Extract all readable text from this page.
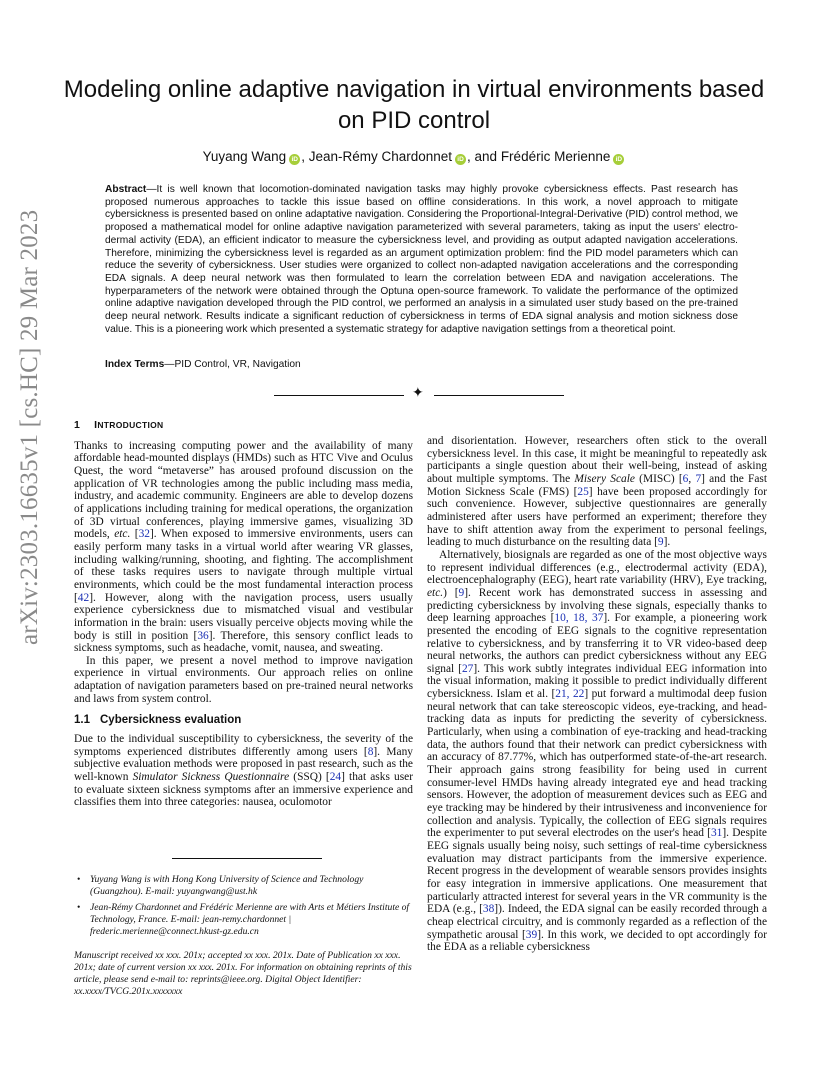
arXiv:2303.16635v1 [cs.HC] 29 Mar 2023
Modeling online adaptive navigation in virtual environments based on PID control
Yuyang Wang iD , Jean-Rémy Chardonnet iD , and Frédéric Merienne iD
Abstract—It is well known that locomotion-dominated navigation tasks may highly provoke cybersickness effects. Past research has proposed numerous approaches to tackle this issue based on offline considerations. In this work, a novel approach to mitigate cybersickness is presented based on online adaptative navigation. Considering the Proportional-Integral-Derivative (PID) control method, we proposed a mathematical model for online adaptive navigation parameterized with several parameters, taking as input the users' electro-dermal activity (EDA), an efficient indicator to measure the cybersickness level, and providing as output adapted navigation accelerations. Therefore, minimizing the cybersickness level is regarded as an argument optimization problem: find the PID model parameters which can reduce the severity of cybersickness. User studies were organized to collect non-adapted navigation accelerations and the corresponding EDA signals. A deep neural network was then formulated to learn the correlation between EDA and navigation accelerations. The hyperparameters of the network were obtained through the Optuna open-source framework. To validate the performance of the optimized online adaptive navigation developed through the PID control, we performed an analysis in a simulated user study based on the pre-trained deep neural network. Results indicate a significant reduction of cybersickness in terms of EDA signal analysis and motion sickness dose value. This is a pioneering work which presented a systematic strategy for adaptive navigation settings from a theoretical point.
Index Terms—PID Control, VR, Navigation
✦
1 INTRODUCTION

Thanks to increasing computing power and the availability of many affordable head-mounted displays (HMDs) such as HTC Vive and Oculus Quest, the word “metaverse” has aroused profound discussion on the application of VR technologies among the public including mass media, industry, and academic community. Engineers are able to develop dozens of applications including training for medical operations, the organization of 3D virtual conferences, playing immersive games, visualizing 3D models, etc. [32]. When exposed to immersive environments, users can easily perform many tasks in a virtual world after wearing VR glasses, including walking/running, shooting, and fighting. The accomplishment of these tasks requires users to navigate through multiple virtual environments, which could be the most fundamental interaction process [42]. However, along with the navigation process, users usually experience cybersickness due to mismatched visual and vestibular information in the brain: users visually perceive objects moving while the body is still in position [36]. Therefore, this sensory conflict leads to sickness symptoms, such as headache, vomit, nausea, and sweating.

In this paper, we present a novel method to improve navigation experience in virtual environments. Our approach relies on online adaptation of navigation parameters based on pre-trained neural networks and laws from system control.

1.1 Cybersickness evaluation

Due to the individual susceptibility to cybersickness, the severity of the symptoms experienced distributes differently among users [8]. Many subjective evaluation methods were proposed in past research, such as the well-known Simulator Sickness Questionnaire (SSQ) [24] that asks user to evaluate sixteen sickness symptoms after an immersive experience and classifies them into three categories: nausea, oculomotor

• Yuyang Wang is with Hong Kong University of Science and Technology (Guangzhou). E-mail: yuyangwang@ust.hk
• Jean-Rémy Chardonnet and Frédéric Merienne are with Arts et Métiers Institute of Technology, France. E-mail: jean-remy.chardonnet | frederic.merienne@connect.hkust-gz.edu.cn
Manuscript received xx xxx. 201x; accepted xx xxx. 201x. Date of Publication xx xxx. 201x; date of current version xx xxx. 201x. For information on obtaining reprints of this article, please send e-mail to: reprints@ieee.org. Digital Object Identifier: xx.xxxx/TVCG.201x.xxxxxxx

and disorientation. However, researchers often stick to the overall cybersickness level. In this case, it might be meaningful to repeatedly ask participants a single question about their well-being, instead of asking about multiple symptoms. The Misery Scale (MISC) [6, 7] and the Fast Motion Sickness Scale (FMS) [25] have been proposed accordingly for such convenience. However, subjective questionnaires are generally administered after users have performed an experiment; therefore they have to shift attention away from the experiment to personal feelings, leading to much disturbance on the resulting data [9].

Alternatively, biosignals are regarded as one of the most objective ways to represent individual differences (e.g., electrodermal activity (EDA), electroencephalography (EEG), heart rate variability (HRV), Eye tracking, etc.) [9]. Recent work has demonstrated success in assessing and predicting cybersickness by involving these signals, especially thanks to deep learning approaches [10, 18, 37]. For example, a pioneering work presented the encoding of EEG signals to the cognitive representation relative to cybersickness, and by transferring it to VR video-based deep neural networks, the authors can predict cybersickness without any EEG signal [27]. This work subtly integrates individual EEG information into the visual information, making it possible to predict individually different cybersickness. Islam et al. [21, 22] put forward a multimodal deep fusion neural network that can take stereoscopic videos, eye-tracking, and head-tracking data as inputs for predicting the severity of cybersickness. Particularly, when using a combination of eye-tracking and head-tracking data, the authors found that their network can predict cybersickness with an accuracy of 87.77%, which has outperformed state-of-the-art research. Their approach gains strong feasibility for being used in current consumer-level HMDs having already integrated eye and head tracking sensors. However, the adoption of measurement devices such as EEG and eye tracking may be hindered by their intrusiveness and inconvenience for collection and analysis. Typically, the collection of EEG signals requires the experimenter to put several electrodes on the user's head [31]. Despite EEG signals usually being noisy, such settings of real-time cybersickness evaluation may distract participants from the immersive experience. Recent progress in the development of wearable sensors provides insights for easy integration in immersive applications. One measurement that particularly attracted interest for several years in the VR community is the EDA (e.g., [38]). Indeed, the EDA signal can be easily recorded through a cheap electrical circuitry, and is commonly regarded as a reflection of the sympathetic arousal [39]. In this work, we decided to opt accordingly for the EDA as a reliable cybersickness
